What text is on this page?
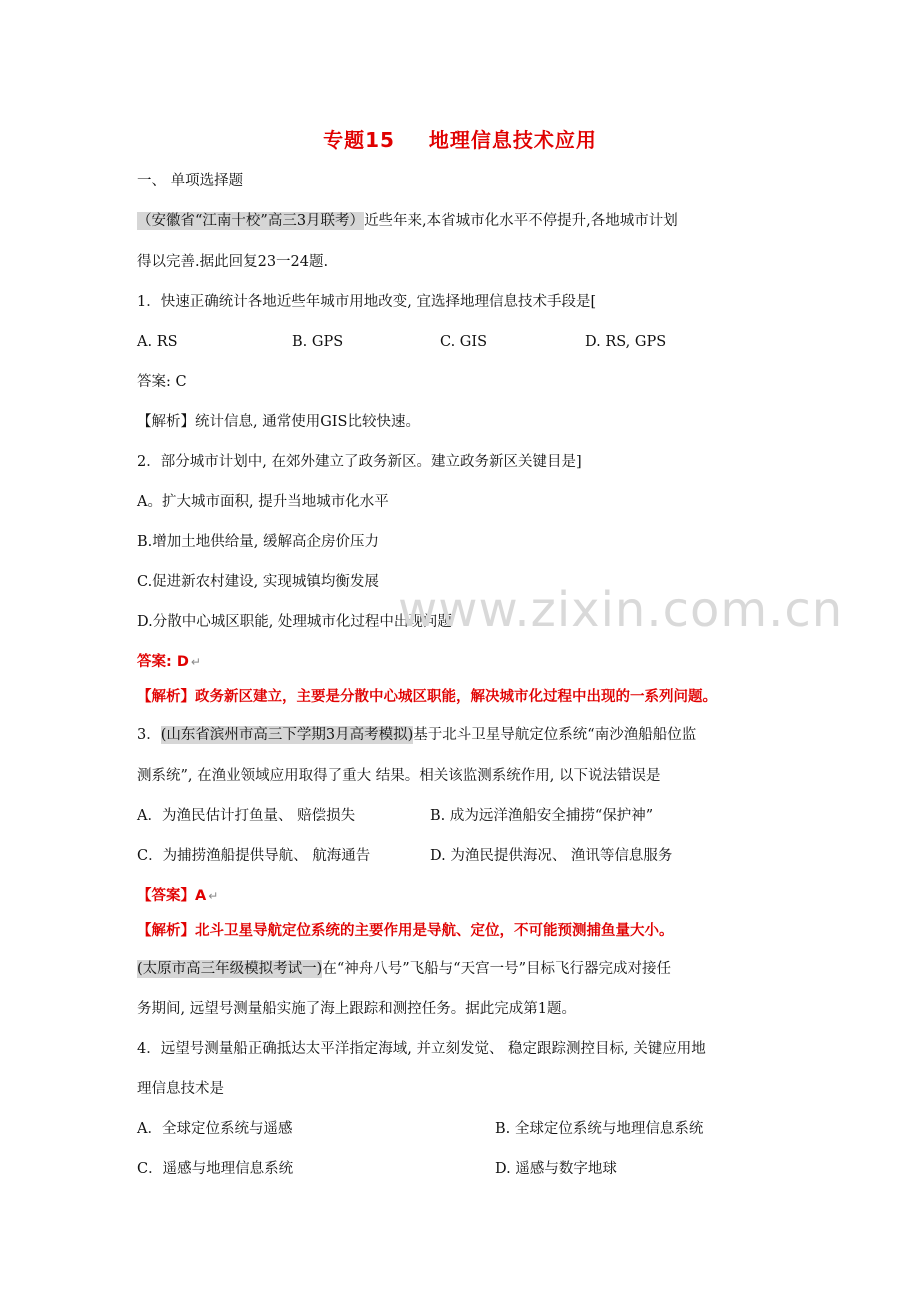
专题15 地理信息技术应用
一、 单项选择题
（安徽省“江南十校”高三3月联考）近些年来,本省城市化水平不停提升,各地城市计划
得以完善.据此回复23一24题.
1．快速正确统计各地近些年城市用地改变, 宜选择地理信息技术手段是[
A. RS	B. GPS	C. GIS	D. RS, GPS
答案: C
【解析】统计信息, 通常使用GIS比较快速。
2．部分城市计划中, 在郊外建立了政务新区。建立政务新区关键目是]
A。扩大城市面积, 提升当地城市化水平
B.增加土地供给量, 缓解高企房价压力
C.促进新农村建设, 实现城镇均衡发展
D.分散中心城区职能, 处理城市化过程中出现问题
www.zixin.com.cn
答案: D ↵
【解析】政务新区建立，主要是分散中心城区职能，解决城市化过程中出现的一系列问题。
3．(山东省滨州市高三下学期3月高考模拟)基于北斗卫星导航定位系统“南沙渔船船位监
测系统”, 在渔业领域应用取得了重大 结果。相关该监测系统作用, 以下说法错误是
A．为渔民估计打鱼量、 赔偿损失	B. 成为远洋渔船安全捕捞“保护神”
C．为捕捞渔船提供导航、 航海通告	D. 为渔民提供海况、 渔讯等信息服务
【答案】A ↵
【解析】北斗卫星导航定位系统的主要作用是导航、定位，不可能预测捕鱼量大小。
(太原市高三年级模拟考试一)在“神舟八号”飞船与“天宫一号”目标飞行器完成对接任
务期间, 远望号测量船实施了海上跟踪和测控任务。据此完成第1题。
4．远望号测量船正确抵达太平洋指定海域, 并立刻发觉、 稳定跟踪测控目标, 关键应用地
理信息技术是
A．全球定位系统与遥感	B. 全球定位系统与地理信息系统
C．遥感与地理信息系统	D. 遥感与数字地球
